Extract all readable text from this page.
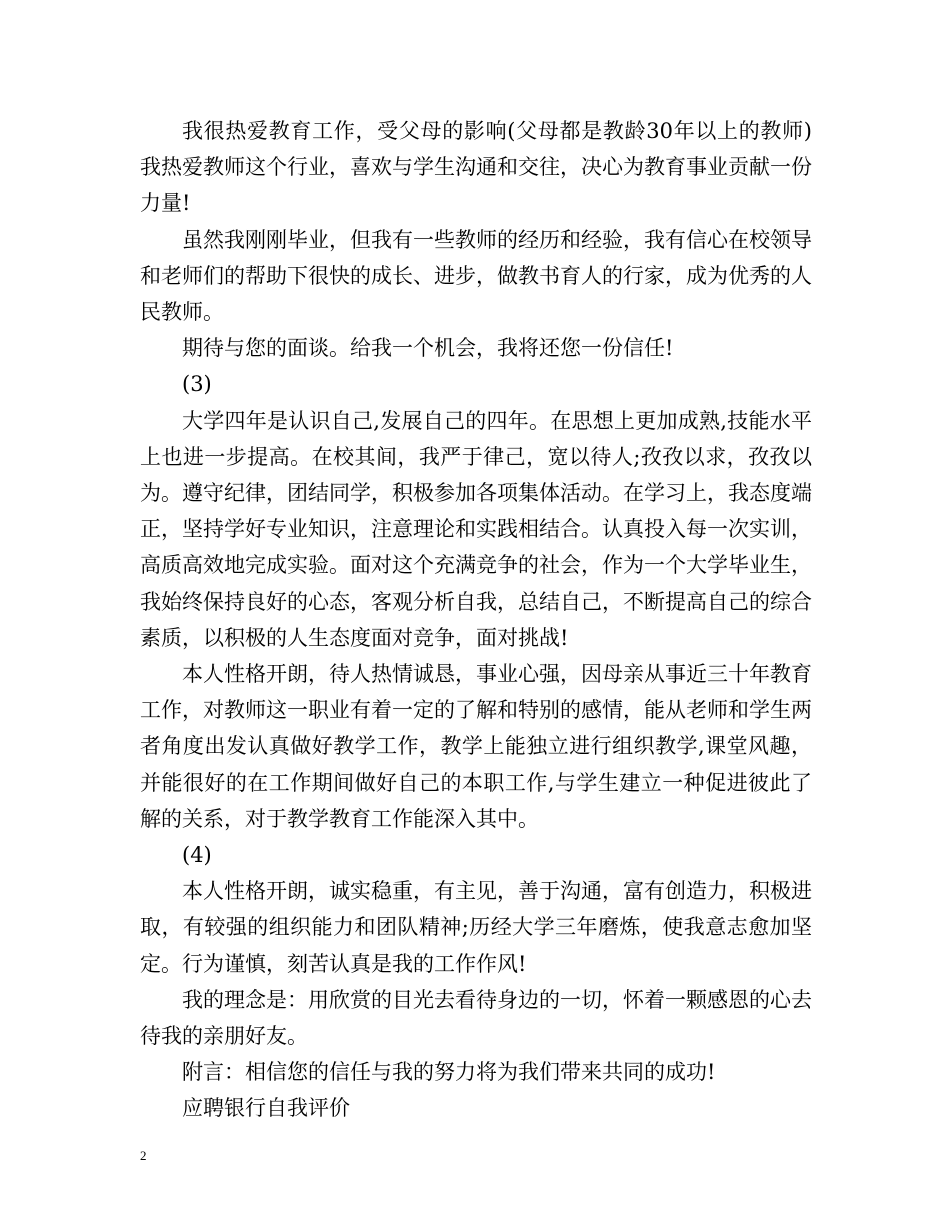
我很热爱教育工作，受父母的影响(父母都是教龄30年以上的教师)我热爱教师这个行业，喜欢与学生沟通和交往，决心为教育事业贡献一份力量!

虽然我刚刚毕业，但我有一些教师的经历和经验，我有信心在校领导和老师们的帮助下很快的成长、进步，做教书育人的行家，成为优秀的人民教师。

期待与您的面谈。给我一个机会，我将还您一份信任!

(3)

大学四年是认识自己,发展自己的四年。在思想上更加成熟,技能水平上也进一步提高。在校其间，我严于律己，宽以待人;孜孜以求，孜孜以为。遵守纪律，团结同学，积极参加各项集体活动。在学习上，我态度端正，坚持学好专业知识，注意理论和实践相结合。认真投入每一次实训，高质高效地完成实验。面对这个充满竞争的社会，作为一个大学毕业生，我始终保持良好的心态，客观分析自我，总结自己，不断提高自己的综合素质，以积极的人生态度面对竞争，面对挑战!

本人性格开朗，待人热情诚恳，事业心强，因母亲从事近三十年教育工作，对教师这一职业有着一定的了解和特别的感情，能从老师和学生两者角度出发认真做好教学工作，教学上能独立进行组织教学,课堂风趣，并能很好的在工作期间做好自己的本职工作,与学生建立一种促进彼此了解的关系，对于教学教育工作能深入其中。

(4)

本人性格开朗，诚实稳重，有主见，善于沟通，富有创造力，积极进取，有较强的组织能力和团队精神;历经大学三年磨炼，使我意志愈加坚定。行为谨慎，刻苦认真是我的工作作风!

我的理念是：用欣赏的目光去看待身边的一切，怀着一颗感恩的心去待我的亲朋好友。

附言：相信您的信任与我的努力将为我们带来共同的成功!

应聘银行自我评价

2
